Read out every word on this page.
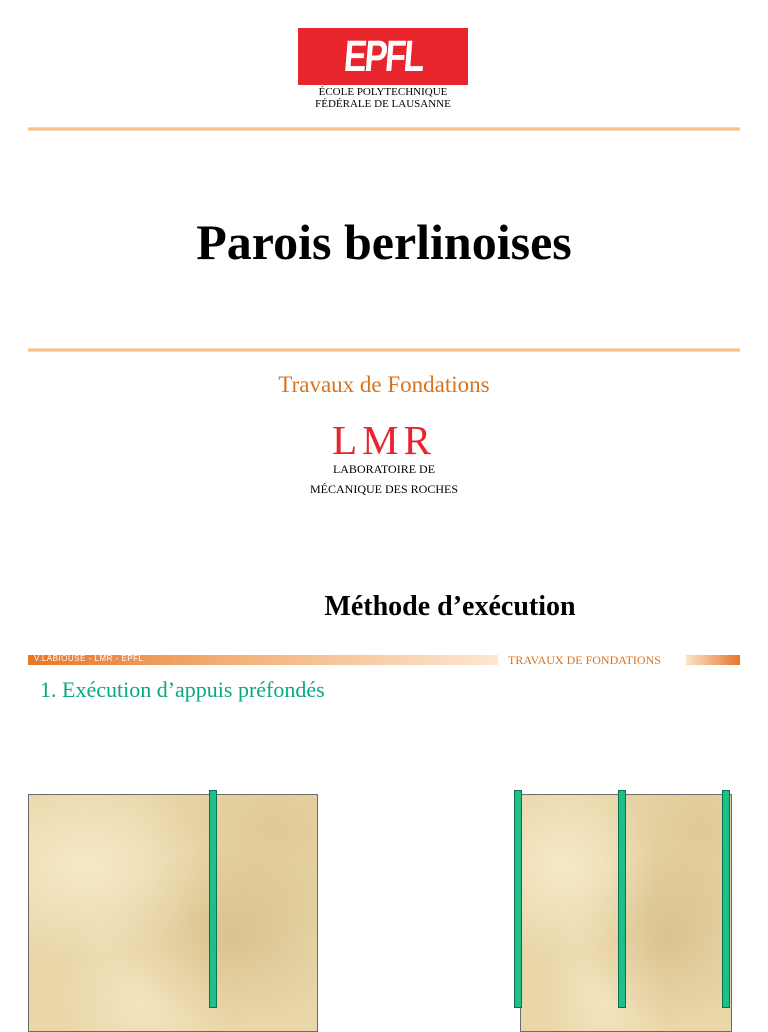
EPFL
ÉCOLE POLYTECHNIQUE
FÉDÉRALE DE LAUSANNE
Parois berlinoises
Travaux de Fondations
LMR
LABORATOIRE DE
MÉCANIQUE DES ROCHES
Méthode d’exécution
V.LABIOUSE - LMR - EPFL	TRAVAUX DE FONDATIONS
1. Exécution d’appuis préfondés
